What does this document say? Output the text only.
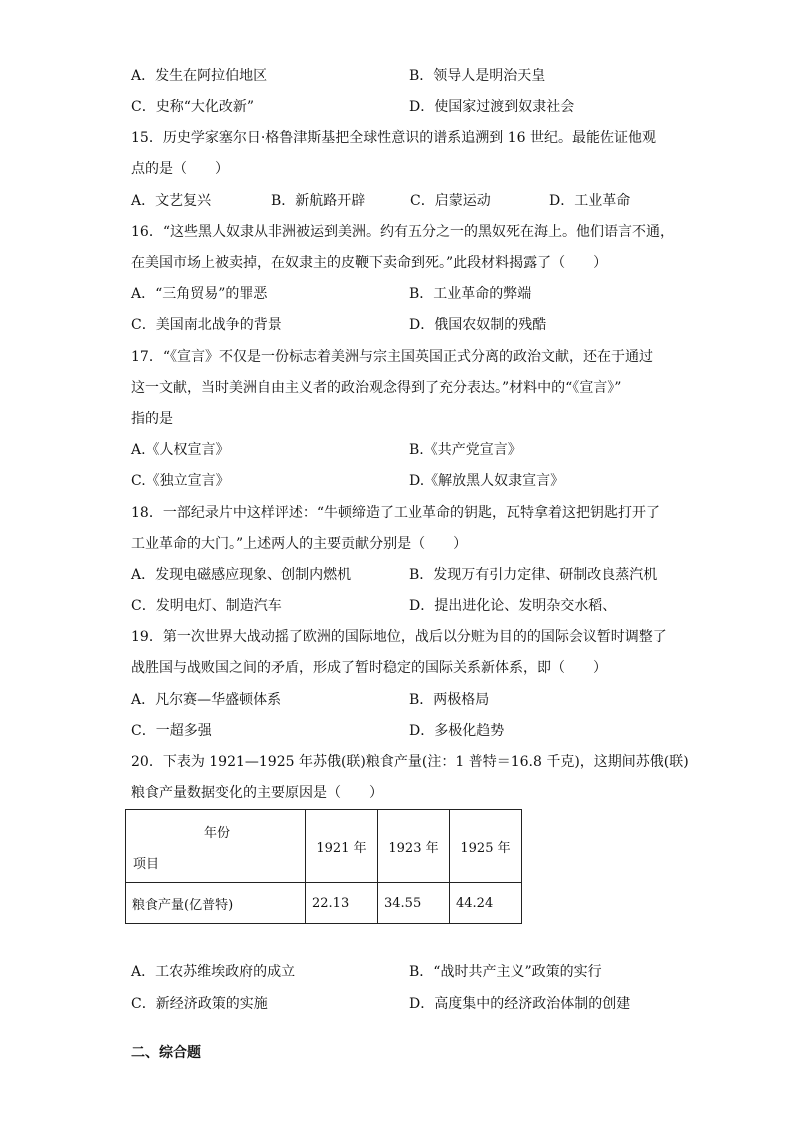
A．发生在阿拉伯地区	B．领导人是明治天皇
C．史称“大化改新”	D．使国家过渡到奴隶社会
15．历史学家塞尔日·格鲁津斯基把全球性意识的谱系追溯到 16 世纪。最能佐证他观
点的是（　　）
A．文艺复兴	B．新航路开辟	C．启蒙运动	D．工业革命
16．“这些黑人奴隶从非洲被运到美洲。约有五分之一的黑奴死在海上。他们语言不通，
在美国市场上被卖掉，在奴隶主的皮鞭下卖命到死。”此段材料揭露了（　　）
A．“三角贸易”的罪恶	B．工业革命的弊端
C．美国南北战争的背景	D．俄国农奴制的残酷
17．“《宣言》不仅是一份标志着美洲与宗主国英国正式分离的政治文献，还在于通过
这一文献，当时美洲自由主义者的政治观念得到了充分表达。”材料中的“《宣言》”
指的是
A.《人权宣言》	B.《共产党宣言》
C.《独立宣言》	D.《解放黑人奴隶宣言》
18．一部纪录片中这样评述：“牛顿缔造了工业革命的钥匙，瓦特拿着这把钥匙打开了
工业革命的大门。”上述两人的主要贡献分别是（　　）
A．发现电磁感应现象、创制内燃机	B．发现万有引力定律、研制改良蒸汽机
C．发明电灯、制造汽车	D．提出进化论、发明杂交水稻、
19．第一次世界大战动摇了欧洲的国际地位，战后以分赃为目的的国际会议暂时调整了
战胜国与战败国之间的矛盾，形成了暂时稳定的国际关系新体系，即（　　）
A．凡尔赛—华盛顿体系	B．两极格局
C．一超多强	D．多极化趋势
20．下表为 1921—1925 年苏俄(联)粮食产量(注：1 普特＝16.8 千克)，这期间苏俄(联)
粮食产量数据变化的主要原因是（　　）
年份
项目	1921 年	1923 年	1925 年
粮食产量(亿普特)	22.13	34.55	44.24
A．工农苏维埃政府的成立	B．“战时共产主义”政策的实行
C．新经济政策的实施	D．高度集中的经济政治体制的创建
二、综合题
